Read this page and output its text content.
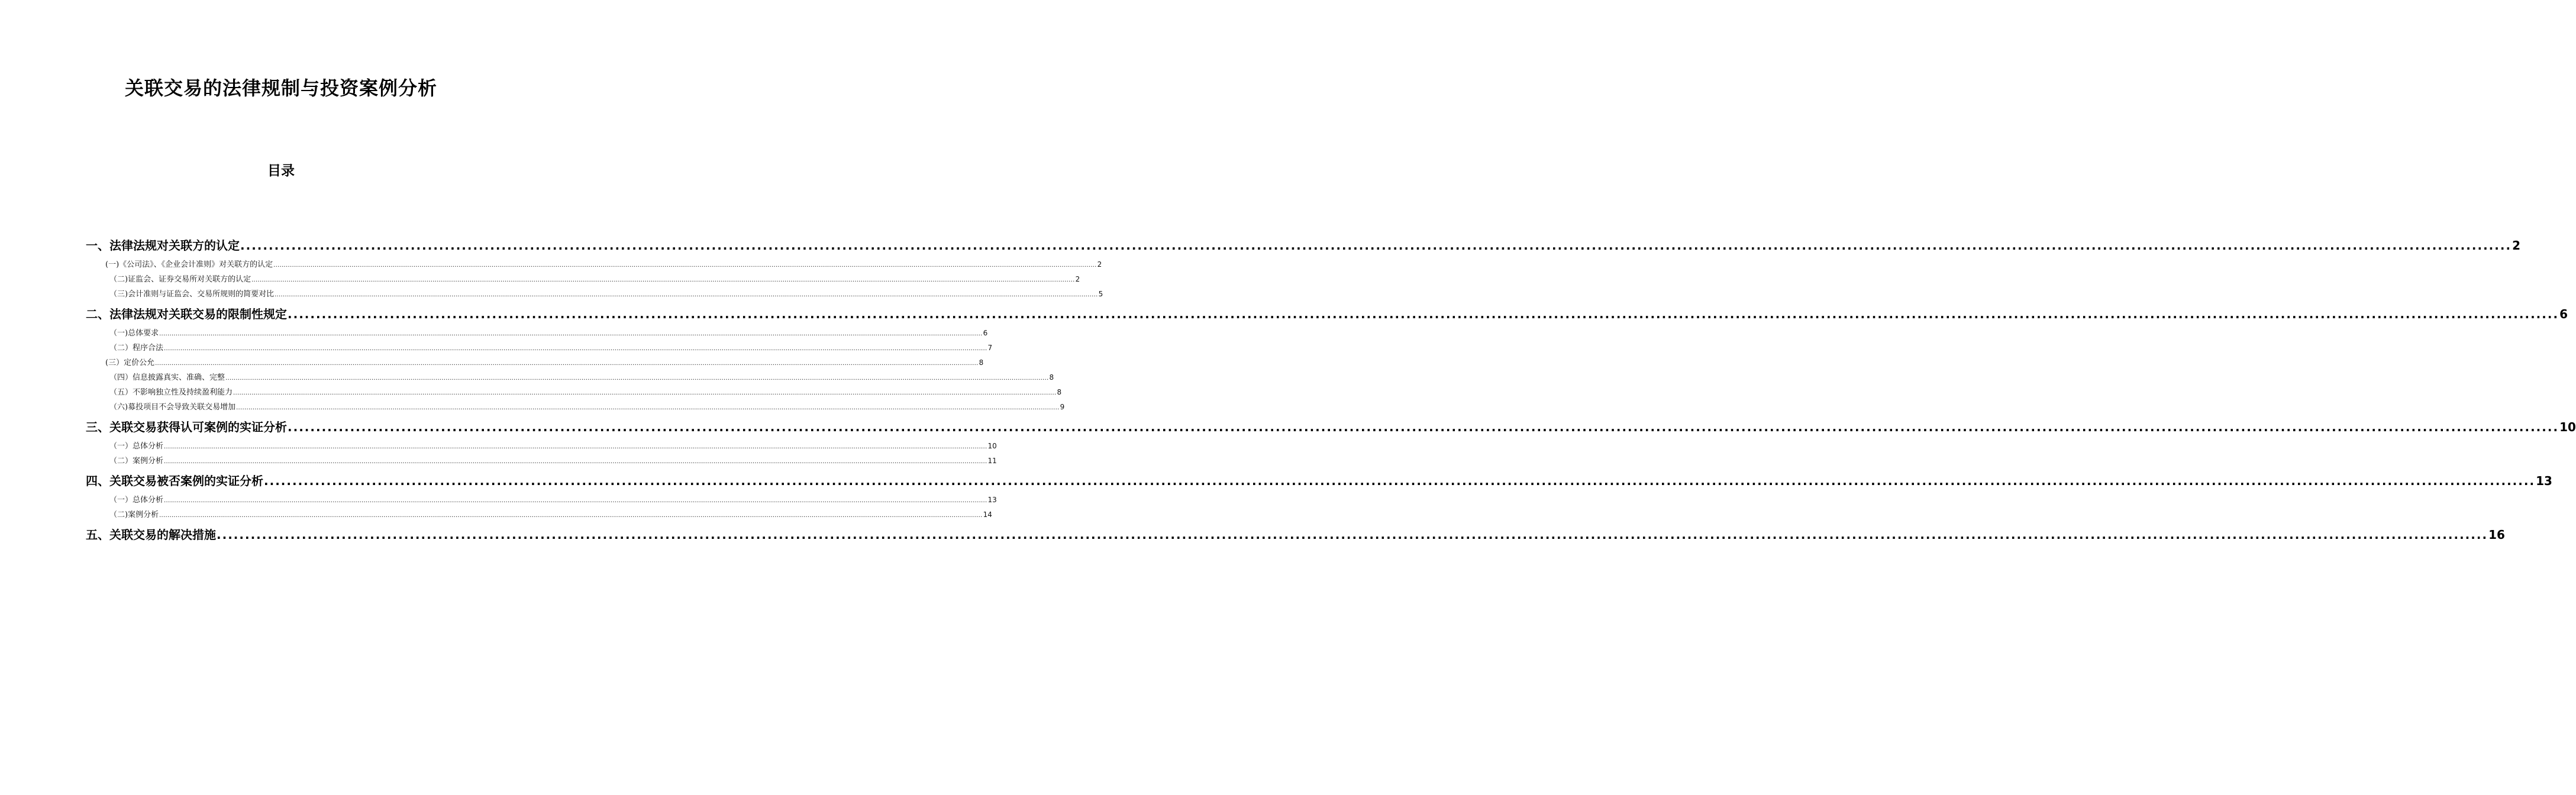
关联交易的法律规制与投资案例分析
目录
一、法律法规对关联方的认定 ................................................................................................................................................................................................................................................................................................................................................................................................................ 2
(一)《公司法》、《企业会计准则》对关联方的认定 ................................................................................................................................................................................................................................................................................................................................................................................................................ 2
（二)证监会、证券交易所对关联方的认定 ................................................................................................................................................................................................................................................................................................................................................................................................................ 2
（三)会计准则与证监会、交易所规则的简要对比 ................................................................................................................................................................................................................................................................................................................................................................................................................ 5
二、法律法规对关联交易的限制性规定 ................................................................................................................................................................................................................................................................................................................................................................................................................ 6
（一)总体要求 ................................................................................................................................................................................................................................................................................................................................................................................................................ 6
（二）程序合法 ................................................................................................................................................................................................................................................................................................................................................................................................................ 7
(三）定价公允 ................................................................................................................................................................................................................................................................................................................................................................................................................ 8
（四）信息披露真实、准确、完整 ................................................................................................................................................................................................................................................................................................................................................................................................................ 8
（五）不影响独立性及持续盈利能力 ................................................................................................................................................................................................................................................................................................................................................................................................................ 8
（六)募投项目不会导致关联交易增加 ................................................................................................................................................................................................................................................................................................................................................................................................................ 9
三、关联交易获得认可案例的实证分析 ................................................................................................................................................................................................................................................................................................................................................................................................................ 10
（一）总体分析 ................................................................................................................................................................................................................................................................................................................................................................................................................ 10
（二）案例分析 ................................................................................................................................................................................................................................................................................................................................................................................................................ 11
四、关联交易被否案例的实证分析 ................................................................................................................................................................................................................................................................................................................................................................................................................ 13
（一）总体分析 ................................................................................................................................................................................................................................................................................................................................................................................................................ 13
（二)案例分析 ................................................................................................................................................................................................................................................................................................................................................................................................................ 14
五、关联交易的解决措施 ................................................................................................................................................................................................................................................................................................................................................................................................................ 16
